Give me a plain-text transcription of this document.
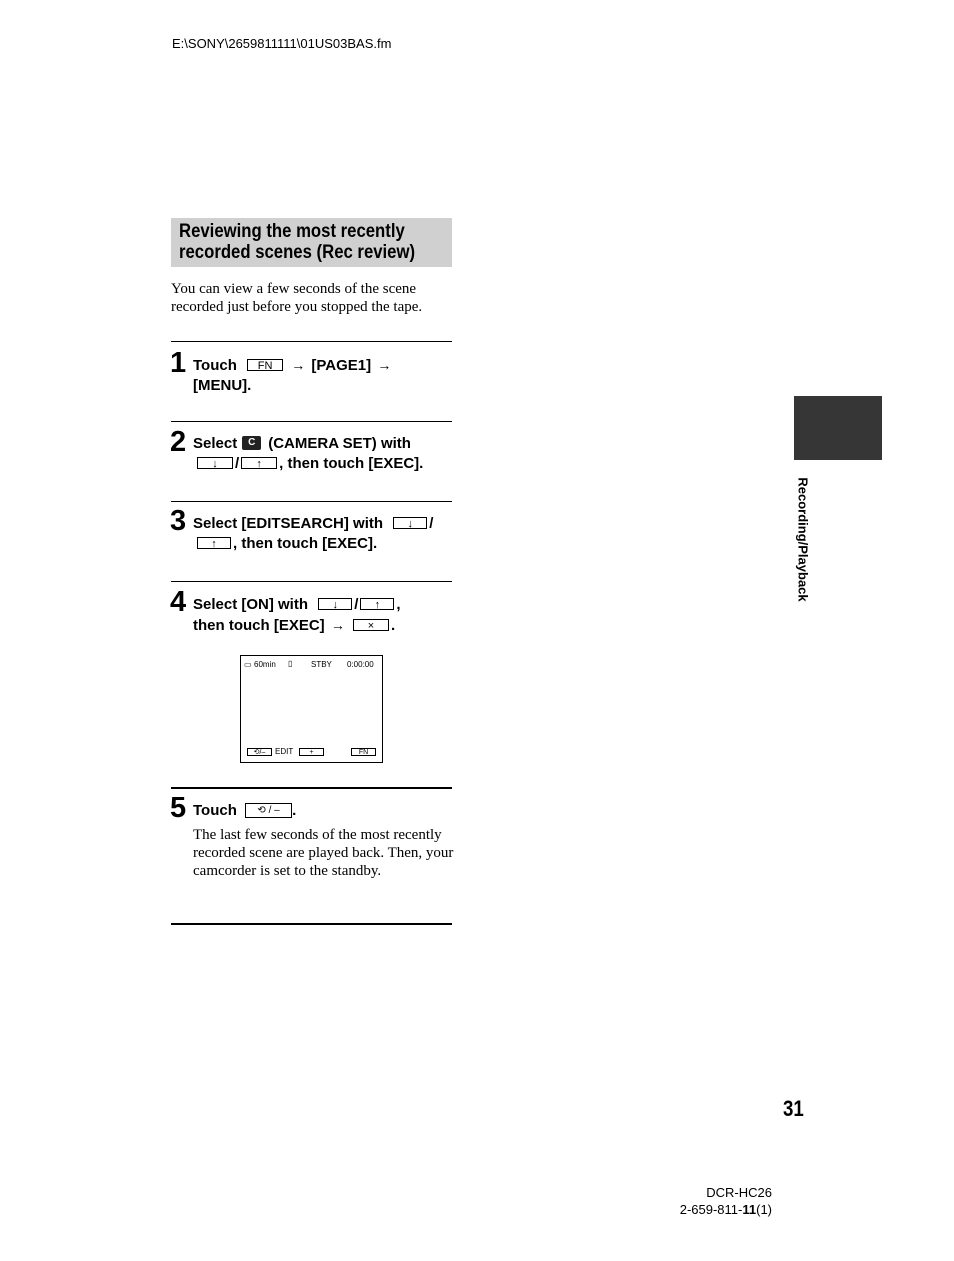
E:\SONY\2659811111\01US03BAS.fm
Reviewing the most recently
recorded scenes (Rec review)
You can view a few seconds of the scene recorded just before you stopped the tape.
1 Touch FN → [PAGE1] →
[MENU].
2 Select C (CAMERA SET) with
↓ / ↑ , then touch [EXEC].
3 Select [EDITSEARCH] with ↓ /
↑ , then touch [EXEC].
4 Select [ON] with ↓ / ↑ ,
then touch [EXEC] → × .
▭ 60min ▯ STBY 0:00:00
⟲/–	EDIT	+	FN
5 Touch ⟲ / – .
The last few seconds of the most recently recorded scene are played back. Then, your camcorder is set to the standby.
Recording/Playback
31
DCR-HC26
2-659-811-11(1)
